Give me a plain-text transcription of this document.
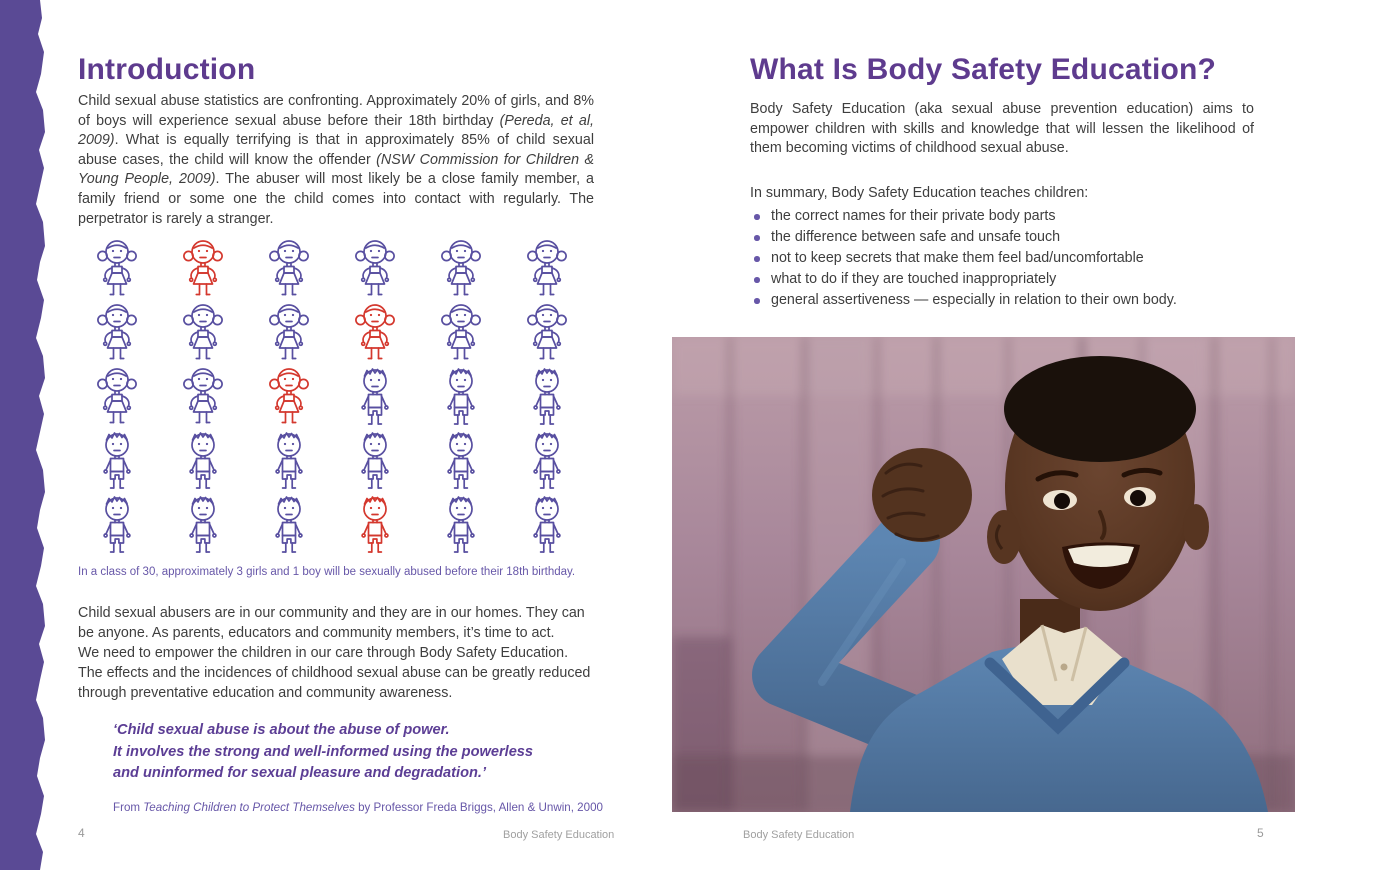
Introduction

Child sexual abuse statistics are confronting. Approximately 20% of girls, and 8% of boys will experience sexual abuse before their 18th birthday (Pereda, et al, 2009). What is equally terrifying is that in approximately 85% of child sexual abuse cases, the child will know the offender (NSW Commission for Children & Young People, 2009). The abuser will most likely be a close family member, a family friend or some one the child comes into contact with regularly. The perpetrator is rarely a stranger.

In a class of 30, approximately 3 girls and 1 boy will be sexually abused before their 18th birthday.
Child sexual abusers are in our community and they are in our homes. They can
be anyone. As parents, educators and community members, it’s time to act.
We need to empower the children in our care through Body Safety Education.
The effects and the incidences of childhood sexual abuse can be greatly reduced
through preventative education and community awareness.
‘Child sexual abuse is about the abuse of power.
It involves the strong and well-informed using the powerless
and uninformed for sexual pleasure and degradation.’
From Teaching Children to Protect Themselves by Professor Freda Briggs, Allen & Unwin, 2000
4	Body Safety Education
What Is Body Safety Education?

Body Safety Education (aka sexual abuse prevention education) aims to empower children with skills and knowledge that will lessen the likelihood of them becoming victims of childhood sexual abuse.

In summary, Body Safety Education teaches children:
the correct names for their private body parts
the difference between safe and unsafe touch
not to keep secrets that make them feel bad/uncomfortable
what to do if they are touched inappropriately
general assertiveness — especially in relation to their own body.
Body Safety Education	5
